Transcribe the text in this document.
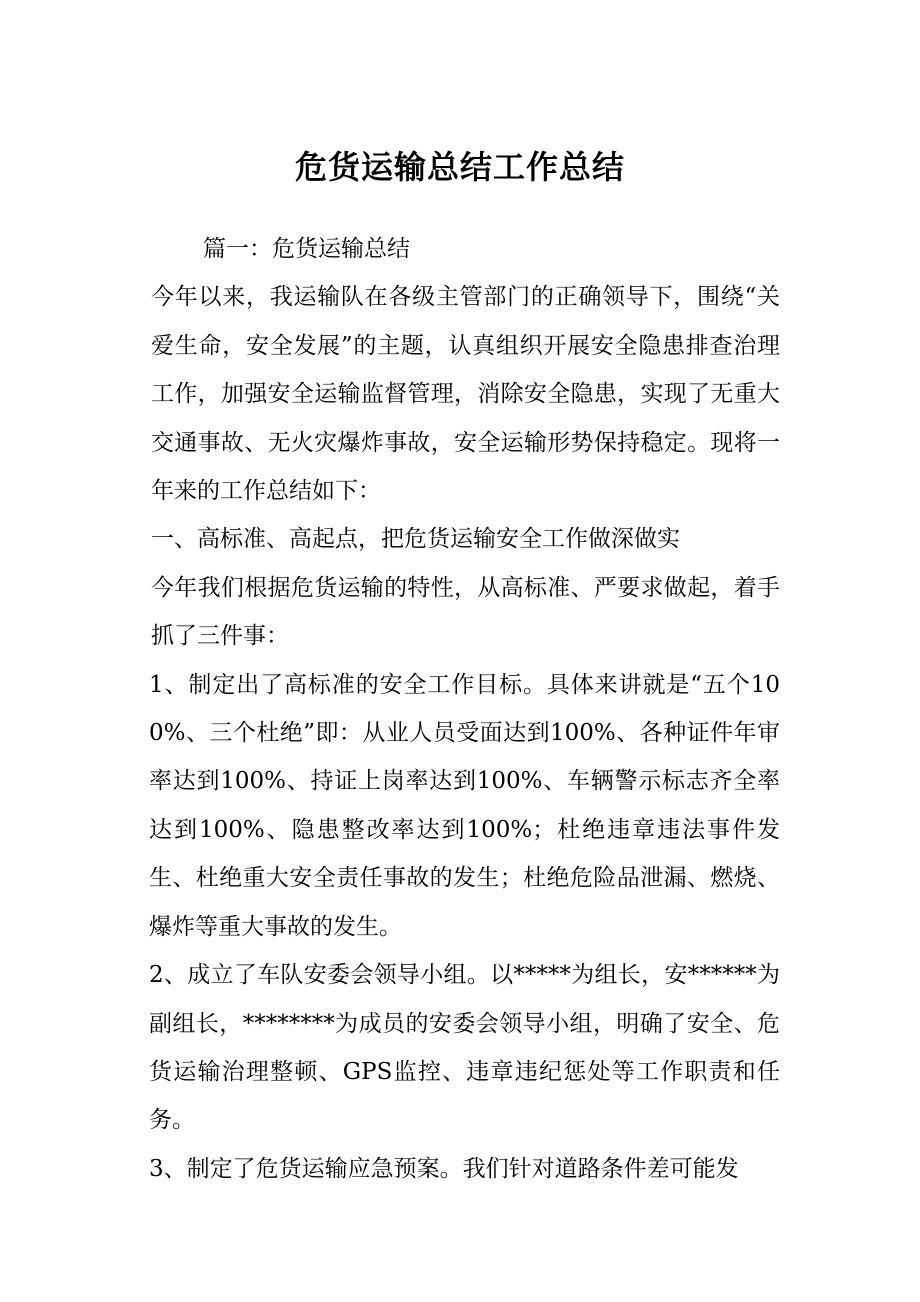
危货运输总结工作总结

篇一：危货运输总结

今年以来，我运输队在各级主管部门的正确领导下，围绕“关爱生命，安全发展”的主题，认真组织开展安全隐患排查治理工作，加强安全运输监督管理，消除安全隐患，实现了无重大交通事故、无火灾爆炸事故，安全运输形势保持稳定。现将一年来的工作总结如下：

一、高标准、高起点，把危货运输安全工作做深做实

今年我们根据危货运输的特性，从高标准、严要求做起，着手抓了三件事：

1、制定出了高标准的安全工作目标。具体来讲就是“五个100%、三个杜绝”即：从业人员受面达到100%、各种证件年审率达到100%、持证上岗率达到100%、车辆警示标志齐全率达到100%、隐患整改率达到100%；杜绝违章违法事件发生、杜绝重大安全责任事故的发生；杜绝危险品泄漏、燃烧、爆炸等重大事故的发生。

2、成立了车队安委会领导小组。以*****为组长，安******为副组长，********为成员的安委会领导小组，明确了安全、危货运输治理整顿、GPS监控、违章违纪惩处等工作职责和任务。

3、制定了危货运输应急预案。我们针对道路条件差可能发
